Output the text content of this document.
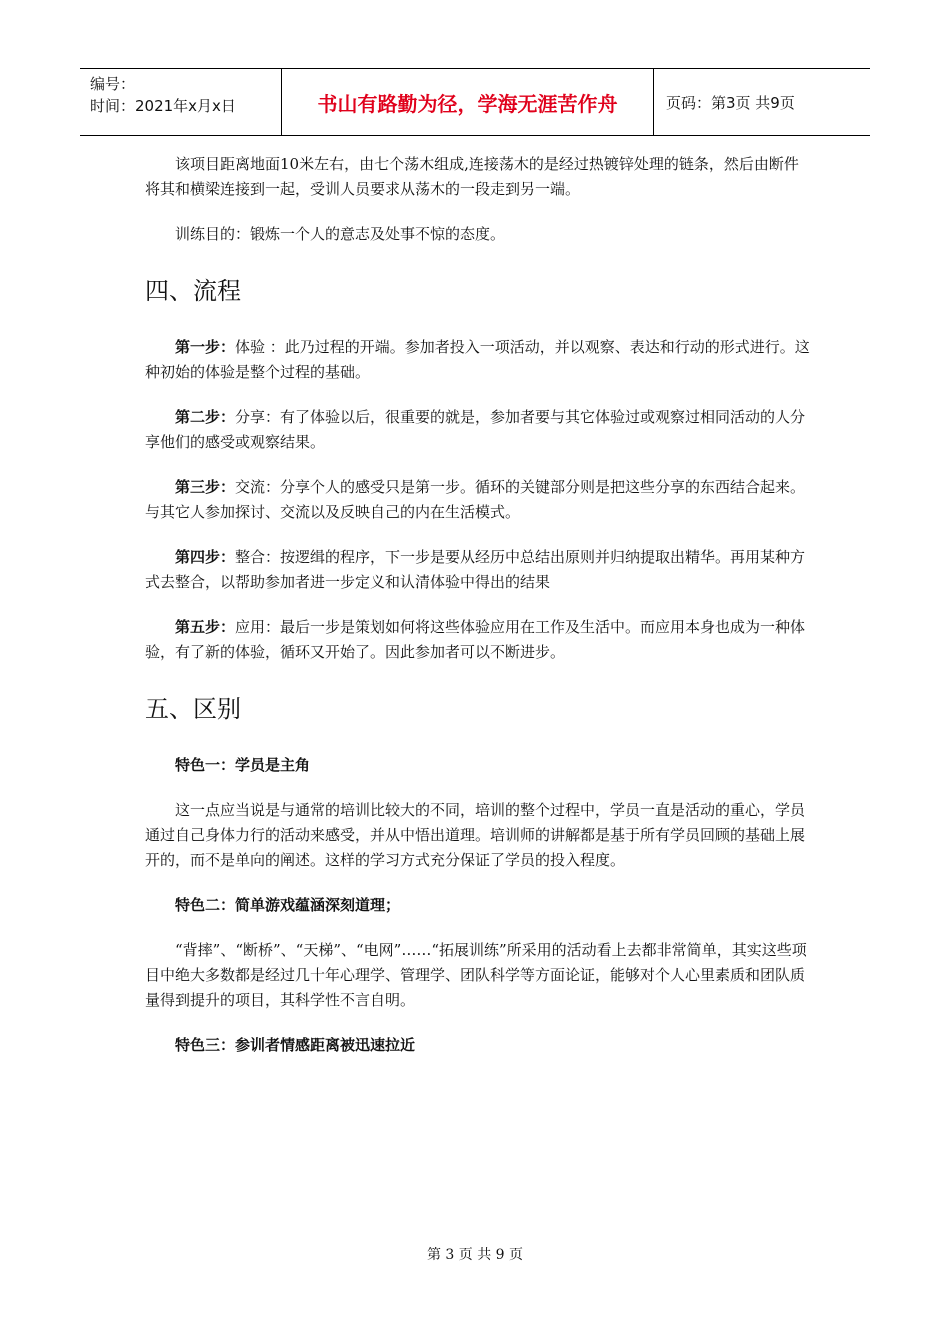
编号：
时间：2021年x月x日	书山有路勤为径，学海无涯苦作舟	页码：第3页 共9页

该项目距离地面10米左右，由七个荡木组成,连接荡木的是经过热镀锌处理的链条，然后由断件将其和横梁连接到一起，受训人员要求从荡木的一段走到另一端。

训练目的：锻炼一个人的意志及处事不惊的态度。

四、流程

第一步：体验 ：此乃过程的开端。参加者投入一项活动，并以观察、表达和行动的形式进行。这种初始的体验是整个过程的基础。

第二步：分享：有了体验以后，很重要的就是，参加者要与其它体验过或观察过相同活动的人分享他们的感受或观察结果。

第三步：交流：分享个人的感受只是第一步。循环的关键部分则是把这些分享的东西结合起来。与其它人参加探讨、交流以及反映自己的内在生活模式。

第四步：整合：按逻缉的程序，下一步是要从经历中总结出原则并归纳提取出精华。再用某种方式去整合，以帮助参加者进一步定义和认清体验中得出的结果

第五步：应用：最后一步是策划如何将这些体验应用在工作及生活中。而应用本身也成为一种体验，有了新的体验，循环又开始了。因此参加者可以不断进步。

五、区别

特色一：学员是主角

这一点应当说是与通常的培训比较大的不同，培训的整个过程中，学员一直是活动的重心，学员通过自己身体力行的活动来感受，并从中悟出道理。培训师的讲解都是基于所有学员回顾的基础上展开的，而不是单向的阐述。这样的学习方式充分保证了学员的投入程度。

特色二：简单游戏蕴涵深刻道理；

“背摔”、“断桥”、“天梯”、“电网”……“拓展训练”所采用的活动看上去都非常简单，其实这些项目中绝大多数都是经过几十年心理学、管理学、团队科学等方面论证，能够对个人心里素质和团队质量得到提升的项目，其科学性不言自明。

特色三：参训者情感距离被迅速拉近

第 3 页 共 9 页
